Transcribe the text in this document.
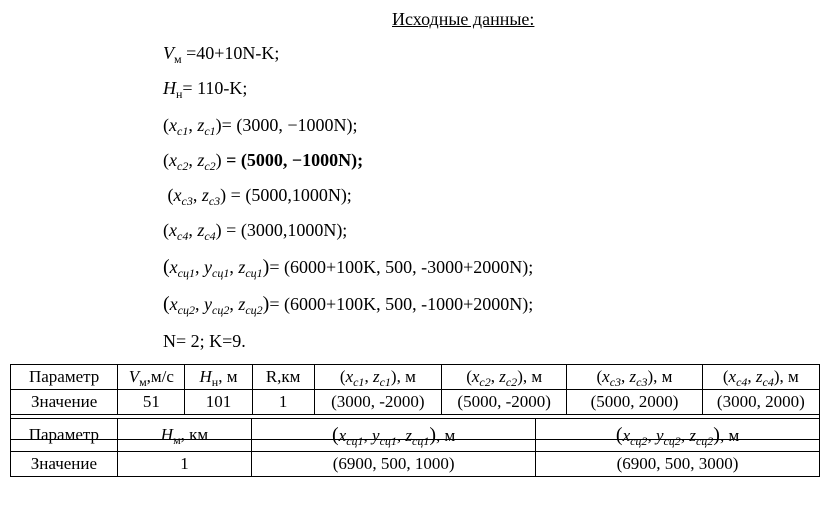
Исходные данные:
$V_м =40+10N-K$;
$H_н= 110-K$;
($x_{c1}$, $z_{c1})= (3000$, −1000N);
($x_{c2}$, $z_{c2}) = (5000$, −1000N);
($x_{c3}$, $z_{c3}) = (5000,1000N)$;
($x_{c4}$, $z_{c4}) = (3000,1000N)$;
($x_{сц1}$, $y_{сц1}$, $z_{сц1})= (6000+100K$, 500, -3000+2000N);
($x_{сц2}$, $y_{сц2}$, $z_{сц2})= (6000+100K$, 500, -1000+2000N);
N= 2; K=9.
Параметр	$V_м,м/с$	$H_н$, м	R,км	($x_{c1}$, $z_{c1}$), м	($x_{c2}$, $z_{c2}$), м	($x_{c3}$, $z_{c3}$), м	($x_{c4}$, $z_{c4}$), м
Значение	51	101	1	(3000, -2000)	(5000, -2000)	(5000, 2000)	(3000, 2000)

Параметр	$H_м$, км	($x_{сц1}$, $y_{сц1}$, $z_{сц1}$), м	($x_{сц2}$, $y_{сц2}$, $z_{сц2}$), м
Значение	1	(6900, 500, 1000)	(6900, 500, 3000)
